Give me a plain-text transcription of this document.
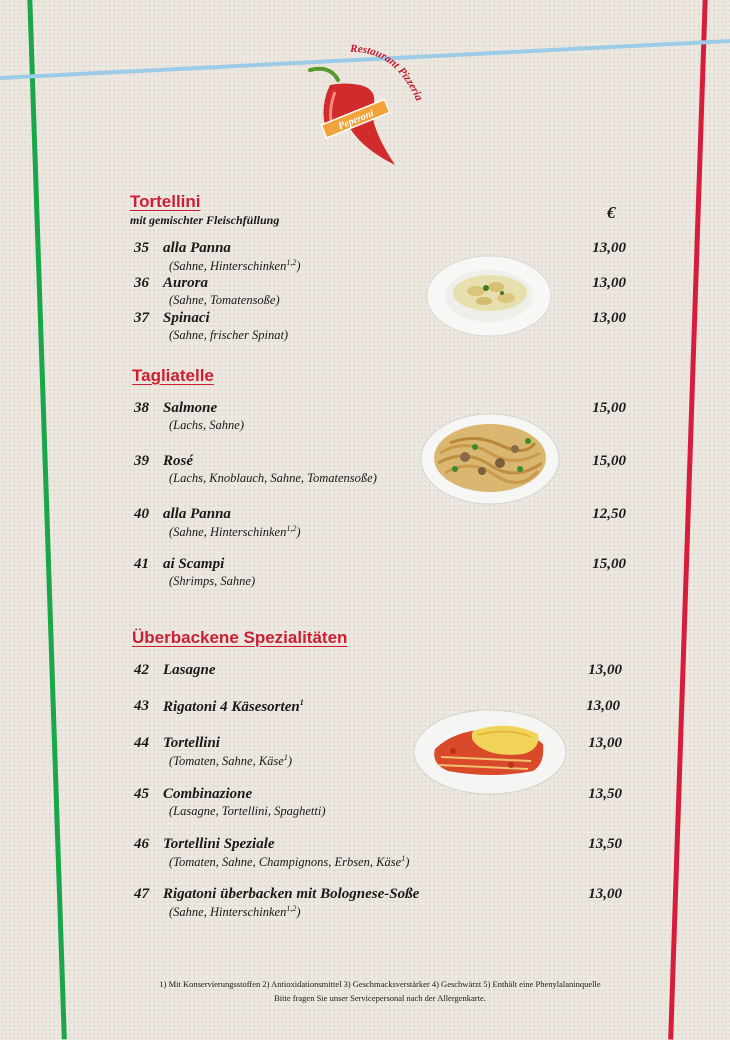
Restaurant Pizzeria
Peperoni
€
Tortellini
mit gemischter Fleischfüllung
35 alla Panna
(Sahne, Hinterschinken$^{1,2}$)
13,00
36 Aurora
(Sahne, Tomatensoße)
13,00
37 Spinaci
(Sahne, frischer Spinat)
13,00
Tagliatelle
38 Salmone
(Lachs, Sahne)
15,00
39 Rosé
(Lachs, Knoblauch, Sahne, Tomatensoße)
15,00
40 alla Panna
(Sahne, Hinterschinken$^{1,2}$)
12,50
41 ai Scampi
(Shrimps, Sahne)
15,00
Überbackene Spezialitäten
42 Lasagne	13,00
43 Rigatoni 4 Käsesorten$^1$	13,00
44 Tortellini
(Tomaten, Sahne, Käse$^1$)
13,00
45 Combinazione
(Lasagne, Tortellini, Spaghetti)
13,50
46 Tortellini Speziale
(Tomaten, Sahne, Champignons, Erbsen, Käse$^1$)
13,50
47 Rigatoni überbacken mit Bolognese-Soße
(Sahne, Hinterschinken$^{1,2}$)
13,00
1) Mit Konservierungsstoffen 2) Antioxidationsmittel 3) Geschmacksverstärker 4) Geschwärzt 5) Enthält eine Phenylalaninquelle
Bitte fragen Sie unser Servicepersonal nach der Allergenkarte.
